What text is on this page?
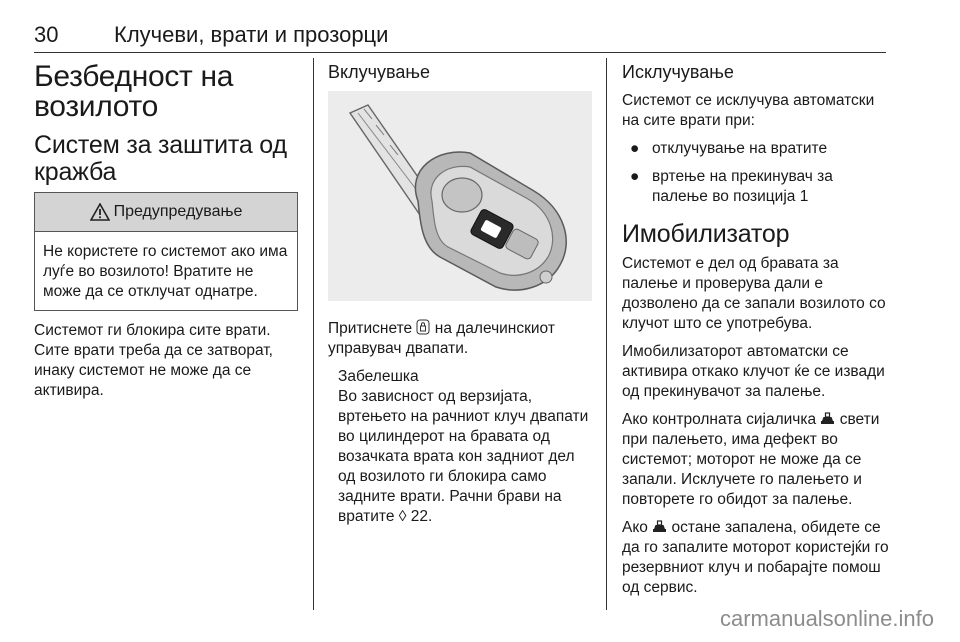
30	Клучеви, врати и прозорци
Безбедност на возилото
Систем за заштита од кражба
Предупредување
Не користете го системот ако има луѓе во возилото! Вратите не може да се отклучат однатре.

Системот ги блокира сите врати. Сите врати треба да се затворат, инаку системот не може да се активира.

Вклучување

Притиснете на далечинскиот управувач двапати.

Забелешка

Во зависност од верзијата, вртењето на рачниот клуч двапати во цилиндерот на бравата од возачката врата кон задниот дел од возилото ги блокира само задните врати. Рачни брави на вратите ◊ 22.

Исклучување

Системот се исклучува автоматски на сите врати при:

● отклучување на вратите
● вртење на прекинувач за палење во позиција 1
Имобилизатор

Системот е дел од бравата за палење и проверува дали е дозволено да се запали возилото со клучот што се употребува.

Имобилизаторот автоматски се активира откако клучот ќе се извади од прекинувачот за палење.

Ако контролната сијаличка свети при палењето, има дефект во системот; моторот не може да се запали. Исклучете го палењето и повторете го обидот за палење.

Ако остане запалена, обидете се да го запалите моторот користејќи го резервниот клуч и побарајте помош од сервис.

carmanualsonline.info
